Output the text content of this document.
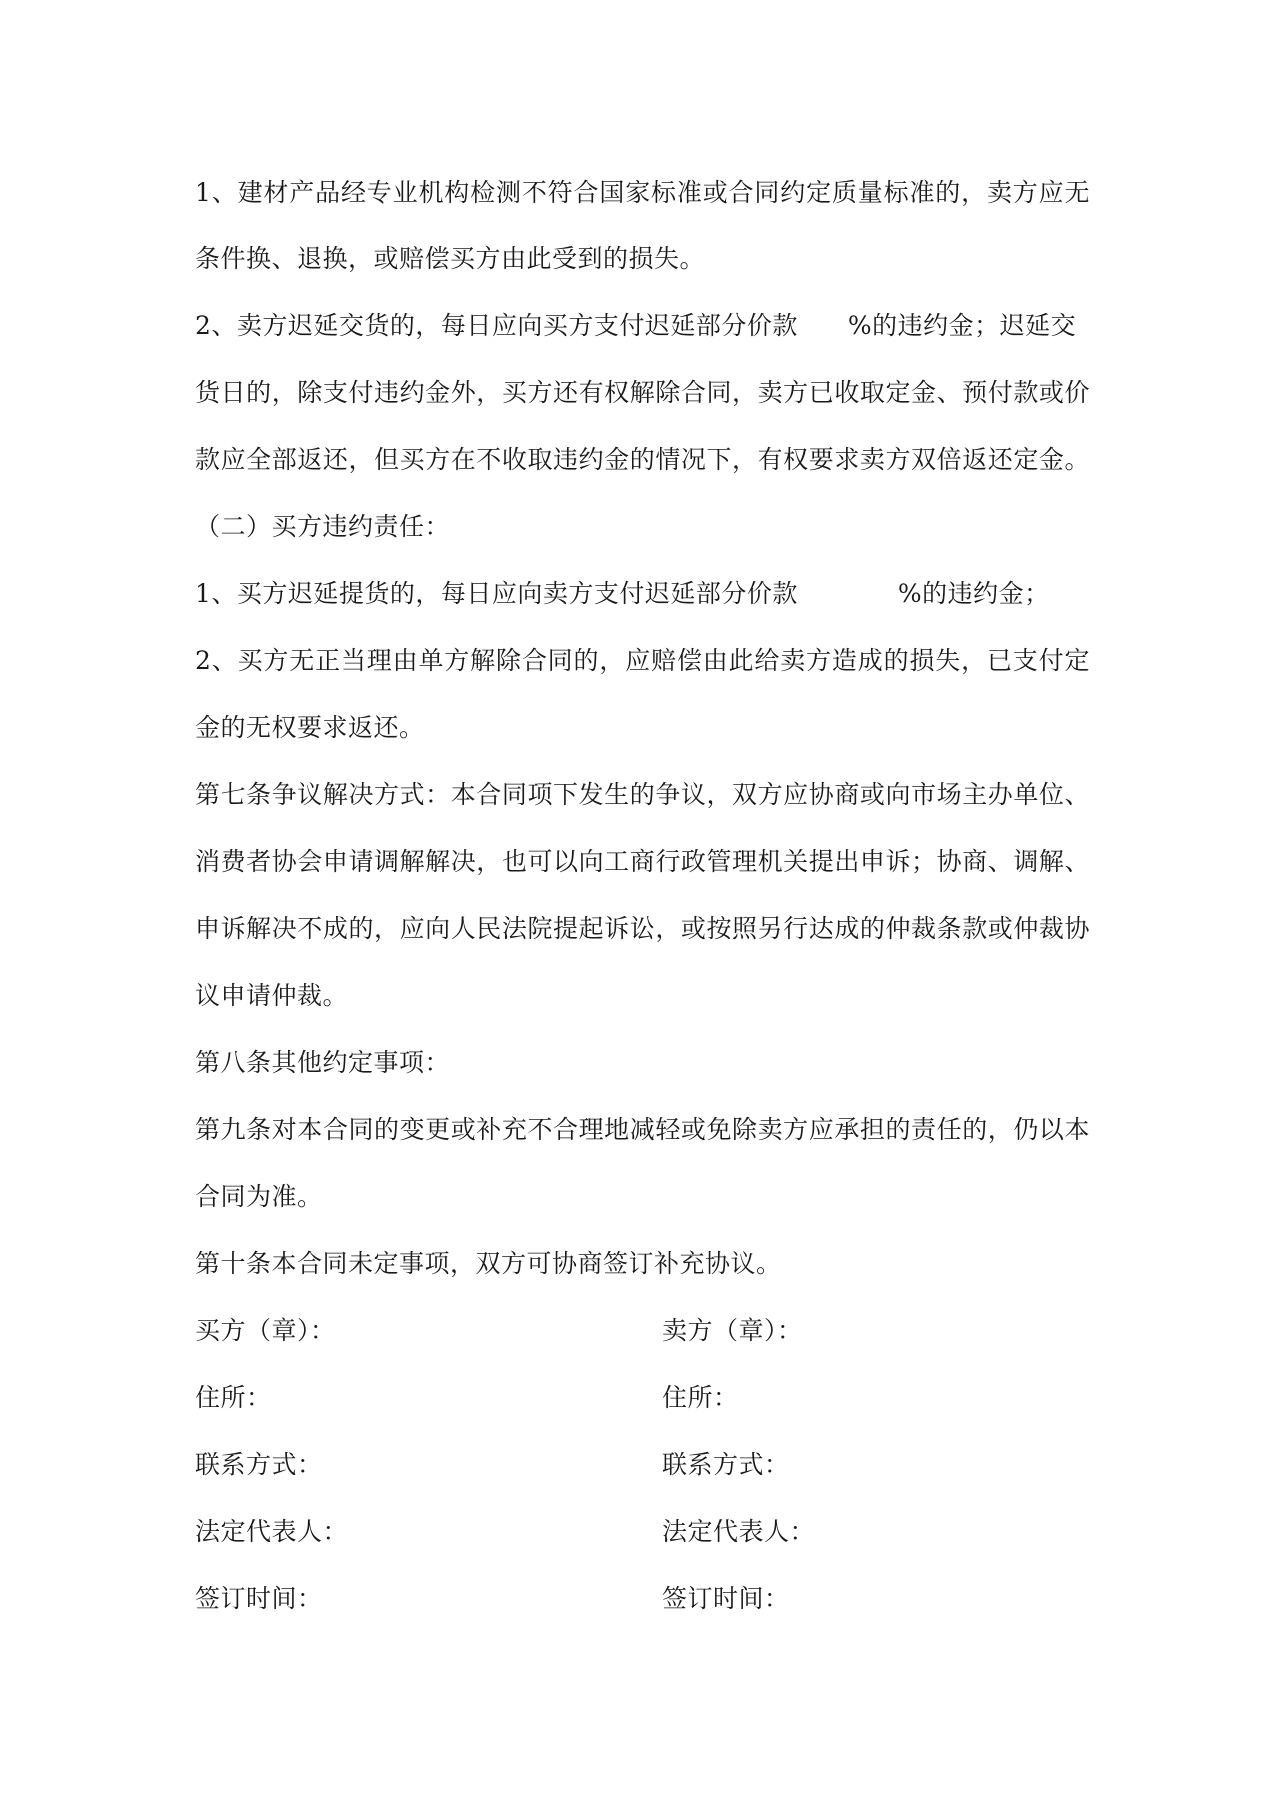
1、建材产品经专业机构检测不符合国家标准或合同约定质量标准的，卖方应无
条件换、退换，或赔偿买方由此受到的损失。
2、卖方迟延交货的，每日应向买方支付迟延部分价款 %的违约金；迟延交
货日的，除支付违约金外，买方还有权解除合同，卖方已收取定金、预付款或价
款应全部返还，但买方在不收取违约金的情况下，有权要求卖方双倍返还定金。
（二）买方违约责任：
1、买方迟延提货的，每日应向卖方支付迟延部分价款	%的违约金；
2、买方无正当理由单方解除合同的，应赔偿由此给卖方造成的损失，已支付定
金的无权要求返还。
第七条争议解决方式：本合同项下发生的争议，双方应协商或向市场主办单位、
消费者协会申请调解解决，也可以向工商行政管理机关提出申诉；协商、调解、
申诉解决不成的，应向人民法院提起诉讼，或按照另行达成的仲裁条款或仲裁协
议申请仲裁。
第八条其他约定事项：
第九条对本合同的变更或补充不合理地减轻或免除卖方应承担的责任的，仍以本
合同为准。
第十条本合同未定事项，双方可协商签订补充协议。
买方（章）：	卖方（章）：
住所：	住所：
联系方式：	联系方式：
法定代表人：	法定代表人：
签订时间：	签订时间：
